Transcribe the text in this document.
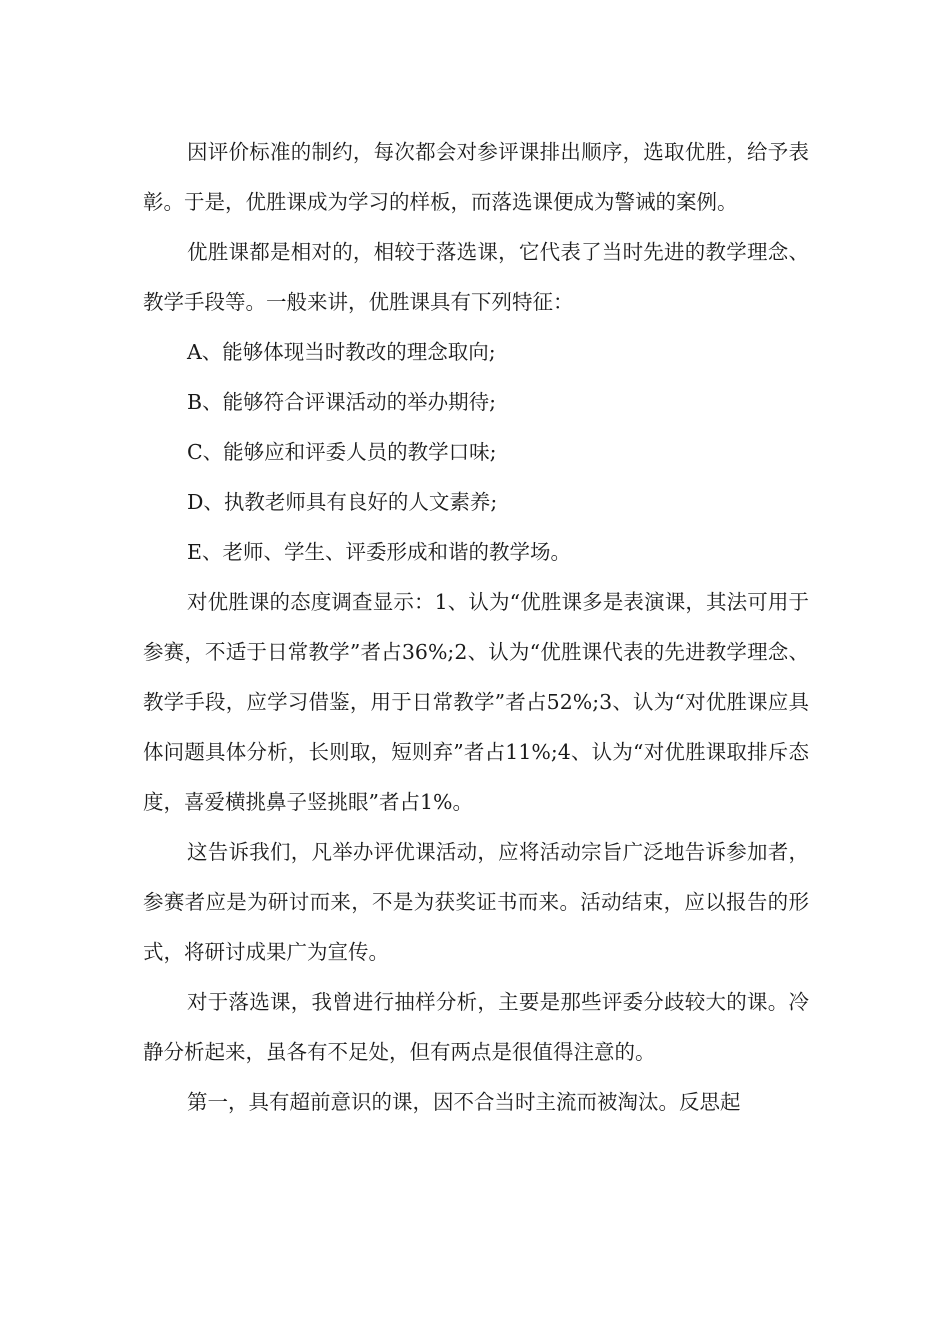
因评价标准的制约，每次都会对参评课排出顺序，选取优胜，给予表彰。于是，优胜课成为学习的样板，而落选课便成为警诫的案例。

优胜课都是相对的，相较于落选课，它代表了当时先进的教学理念、教学手段等。一般来讲，优胜课具有下列特征：

A、能够体现当时教改的理念取向;

B、能够符合评课活动的举办期待;

C、能够应和评委人员的教学口味;

D、执教老师具有良好的人文素养;

E、老师、学生、评委形成和谐的教学场。

对优胜课的态度调查显示：1、认为“优胜课多是表演课，其法可用于参赛，不适于日常教学”者占36%;2、认为“优胜课代表的先进教学理念、教学手段，应学习借鉴，用于日常教学”者占52%;3、认为“对优胜课应具体问题具体分析，长则取，短则弃”者占11%;4、认为“对优胜课取排斥态度，喜爱横挑鼻子竖挑眼”者占1%。

这告诉我们，凡举办评优课活动，应将活动宗旨广泛地告诉参加者，参赛者应是为研讨而来，不是为获奖证书而来。活动结束，应以报告的形式，将研讨成果广为宣传。

对于落选课，我曾进行抽样分析，主要是那些评委分歧较大的课。冷静分析起来，虽各有不足处，但有两点是很值得注意的。

第一，具有超前意识的课，因不合当时主流而被淘汰。反思起
